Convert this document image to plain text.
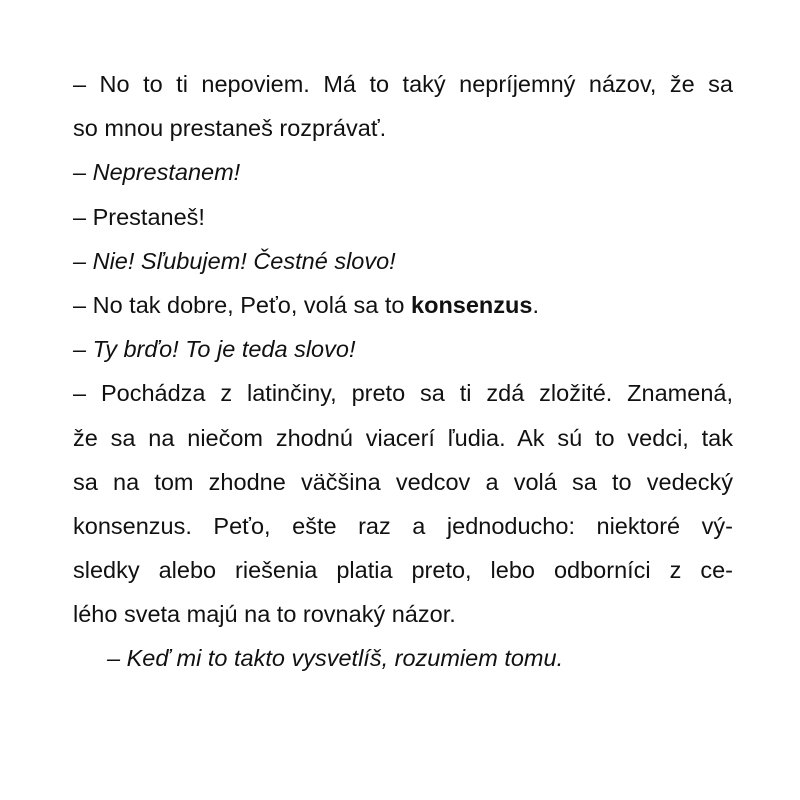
– No to ti nepoviem. Má to taký nepríjemný názov, že sa
so mnou prestaneš rozprávať.
– Neprestanem!
– Prestaneš!
– Nie! Sľubujem! Čestné slovo!
– No tak dobre, Peťo, volá sa to konsenzus.
– Ty brďo! To je teda slovo!
– Pochádza z latinčiny, preto sa ti zdá zložité. Znamená,
že sa na niečom zhodnú viacerí ľudia. Ak sú to vedci, tak
sa na tom zhodne väčšina vedcov a volá sa to vedecký
konsenzus. Peťo, ešte raz a jednoducho: niektoré vý-
sledky alebo riešenia platia preto, lebo odborníci z ce-
lého sveta majú na to rovnaký názor.
– Keď mi to takto vysvetlíš, rozumiem tomu.
